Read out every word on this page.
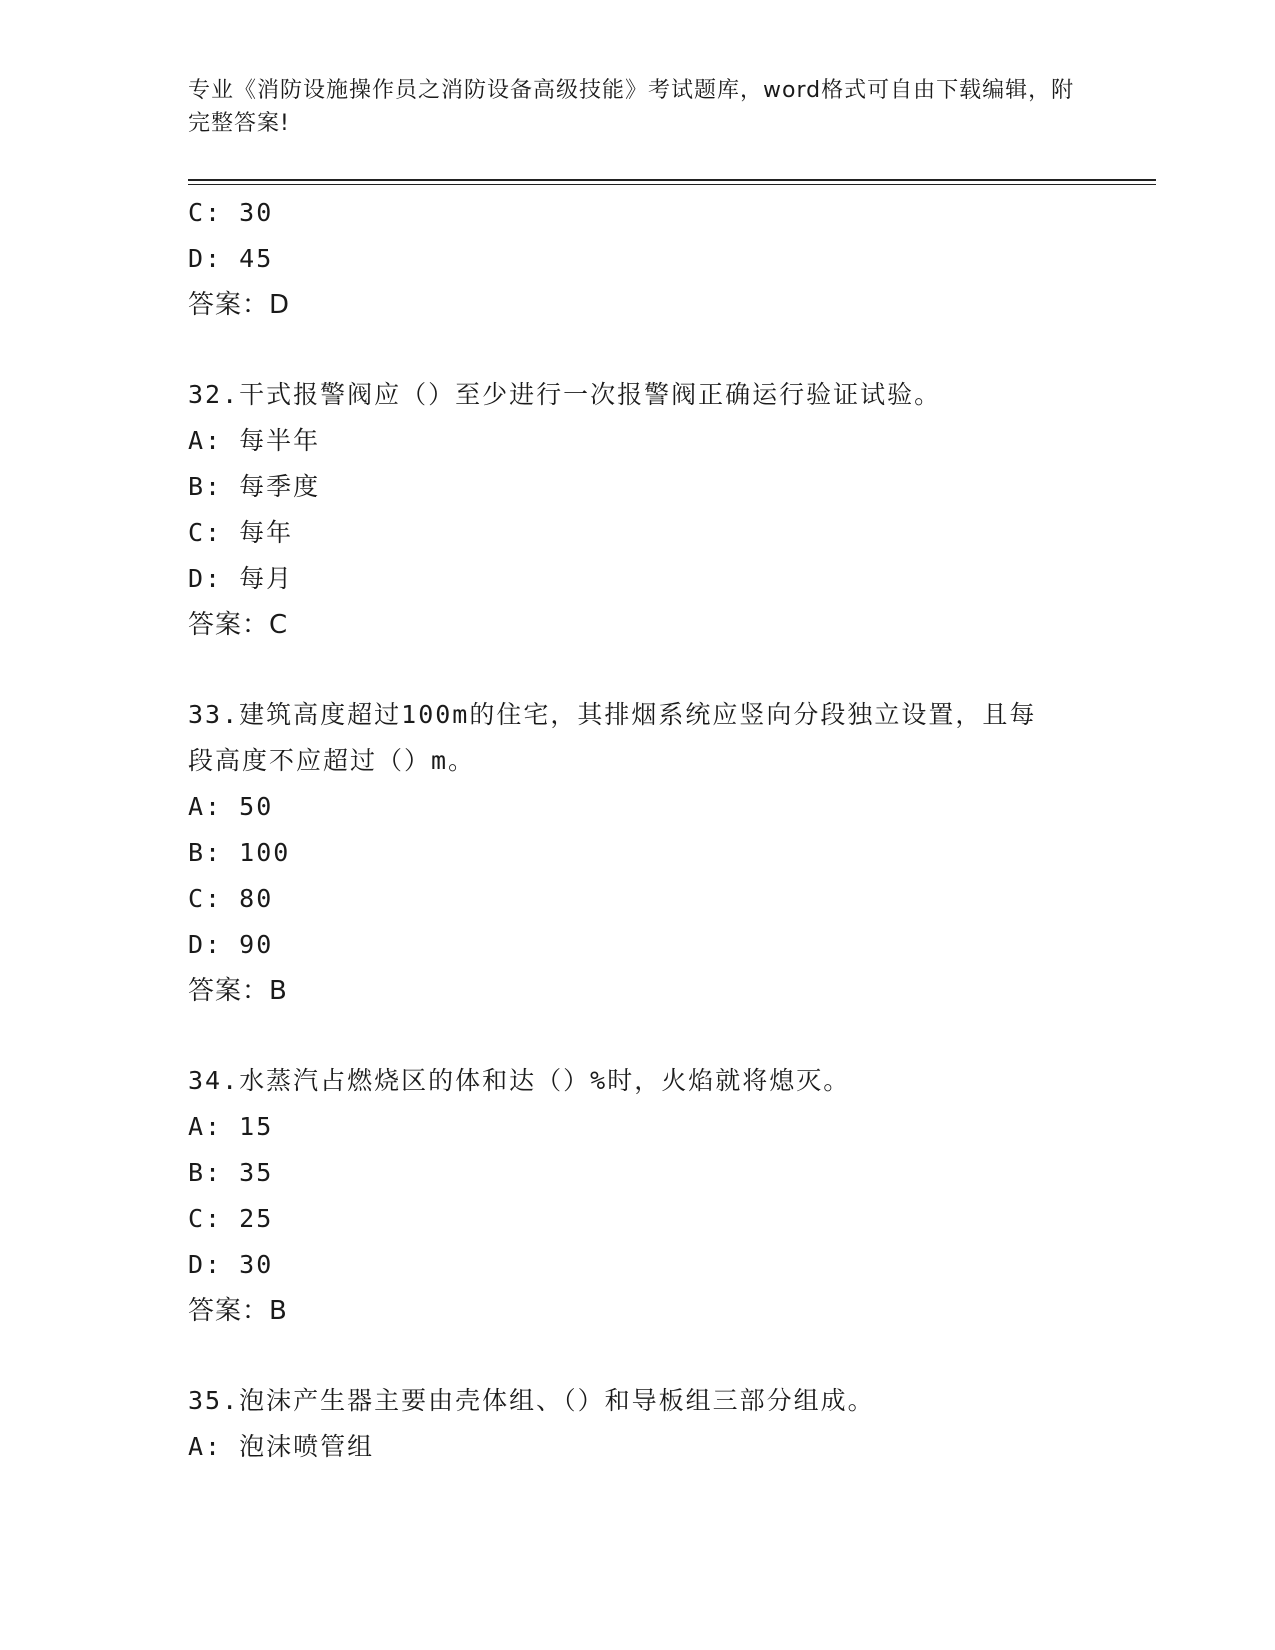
专业《消防设施操作员之消防设备高级技能》考试题库，word格式可自由下载编辑，附完整答案!
C: 30
D: 45
答案：D
32.干式报警阀应（）至少进行一次报警阀正确运行验证试验。
A: 每半年
B: 每季度
C: 每年
D: 每月
答案：C
33.建筑高度超过100m的住宅，其排烟系统应竖向分段独立设置，且每段高度不应超过（）m。
A: 50
B: 100
C: 80
D: 90
答案：B
34.水蒸汽占燃烧区的体和达（）%时，火焰就将熄灭。
A: 15
B: 35
C: 25
D: 30
答案：B
35.泡沫产生器主要由壳体组、（）和导板组三部分组成。
A: 泡沫喷管组
